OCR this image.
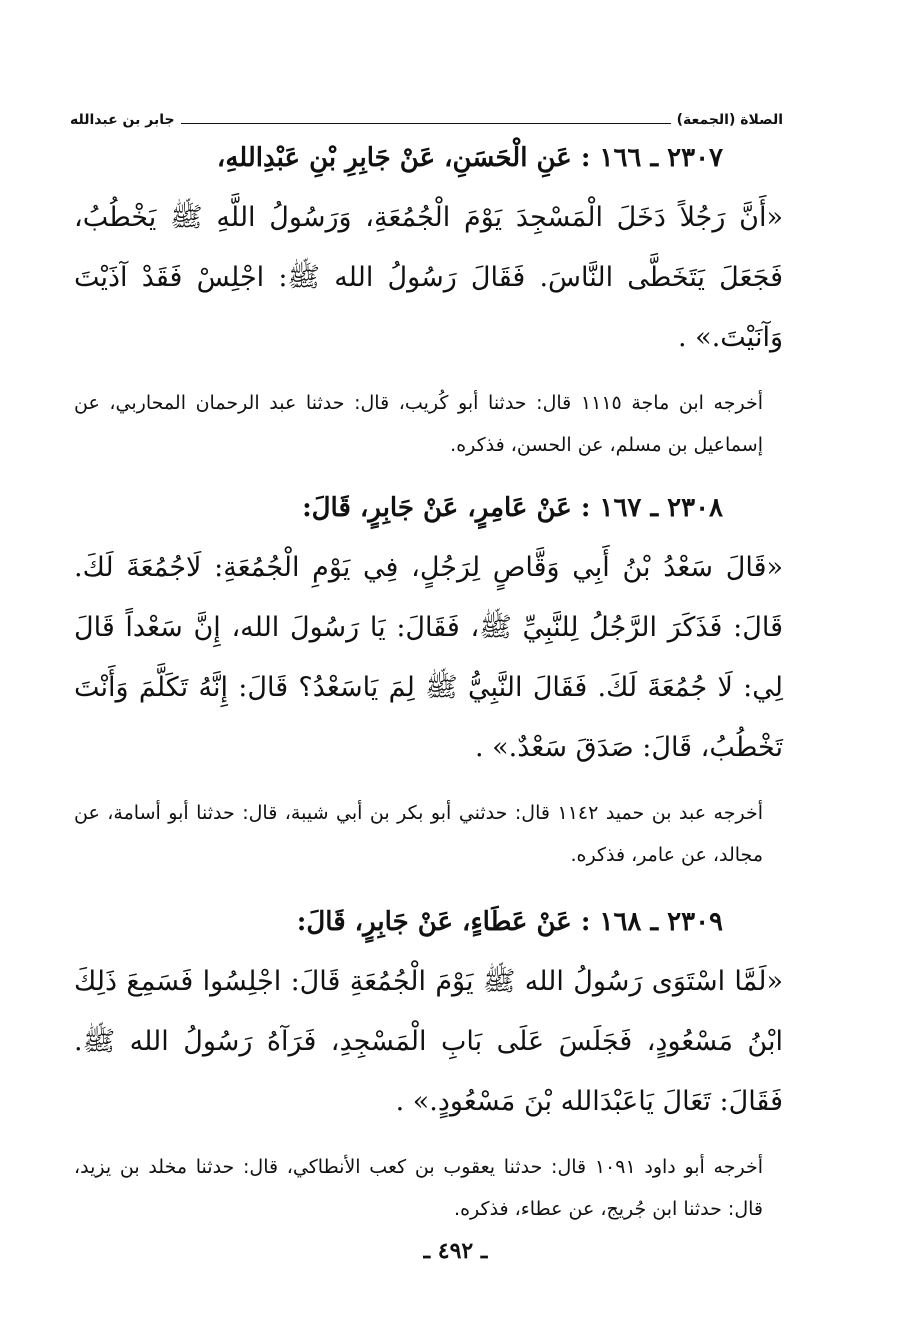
الصلاة (الجمعة)
جابر بن عبدالله

٢٣٠٧ ـ ١٦٦ : عَنِ الْحَسَنِ، عَنْ جَابِرِ بْنِ عَبْدِاللهِ،

«أَنَّ رَجُلاً دَخَلَ الْمَسْجِدَ يَوْمَ الْجُمُعَةِ، وَرَسُولُ اللَّهِ ﷺ يَخْطُبُ، فَجَعَلَ يَتَخَطَّى النَّاسَ. فَقَالَ رَسُولُ الله ﷺ: اجْلِسْ فَقَدْ آذَيْتَ وَآنَيْتَ.» .

أخرجه ابن ماجة ١١١٥ قال: حدثنا أبو كُريب، قال: حدثنا عبد الرحمان المحاربي، عن إسماعيل بن مسلم، عن الحسن، فذكره.

٢٣٠٨ ـ ١٦٧ : عَنْ عَامِرٍ، عَنْ جَابِرٍ، قَالَ:

«قَالَ سَعْدُ بْنُ أَبِي وَقَّاصٍ لِرَجُلٍ، فِي يَوْمِ الْجُمُعَةِ: لَاجُمُعَةَ لَكَ. قَالَ: فَذَكَرَ الرَّجُلُ لِلنَّبِيِّ ﷺ، فَقَالَ: يَا رَسُولَ الله، إِنَّ سَعْداً قَالَ لِي: لَا جُمُعَةَ لَكَ. فَقَالَ النَّبِيُّ ﷺ لِمَ يَاسَعْدُ؟ قَالَ: إِنَّهُ تَكَلَّمَ وَأَنْتَ تَخْطُبُ، قَالَ: صَدَقَ سَعْدٌ.» .

أخرجه عبد بن حميد ١١٤٢ قال: حدثني أبو بكر بن أبي شيبة، قال: حدثنا أبو أسامة، عن مجالد، عن عامر، فذكره.

٢٣٠٩ ـ ١٦٨ : عَنْ عَطَاءٍ، عَنْ جَابِرٍ، قَالَ:

«لَمَّا اسْتَوَى رَسُولُ الله ﷺ يَوْمَ الْجُمُعَةِ قَالَ: اجْلِسُوا فَسَمِعَ ذَلِكَ ابْنُ مَسْعُودٍ، فَجَلَسَ عَلَى بَابِ الْمَسْجِدِ، فَرَآهُ رَسُولُ الله ﷺ. فَقَالَ: تَعَالَ يَاعَبْدَالله بْنَ مَسْعُودٍ.» .

أخرجه أبو داود ١٠٩١ قال: حدثنا يعقوب بن كعب الأنطاكي، قال: حدثنا مخلد بن يزيد، قال: حدثنا ابن جُريج، عن عطاء، فذكره.

ـ ٤٩٢ ـ
